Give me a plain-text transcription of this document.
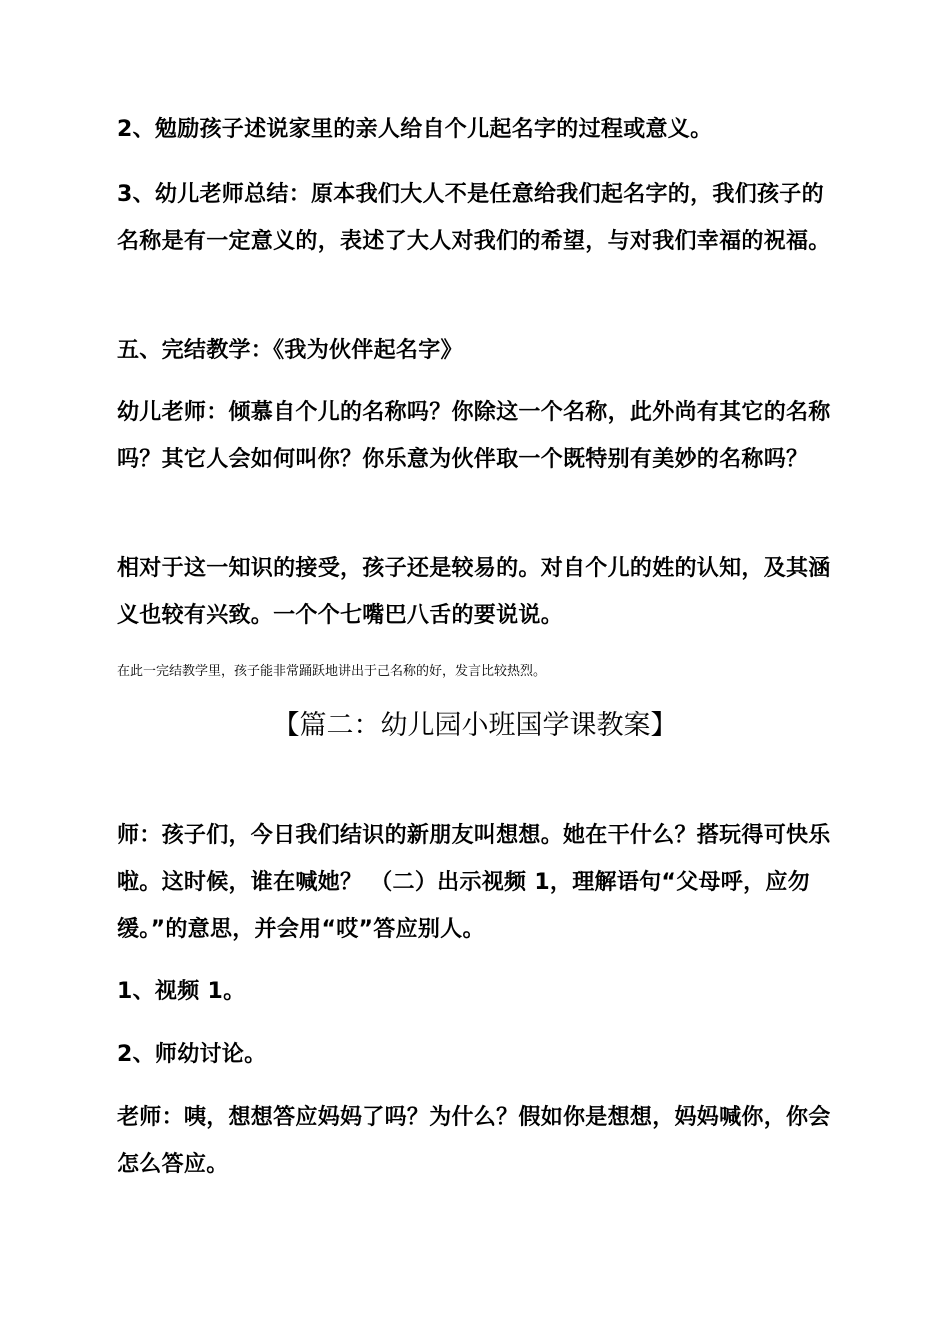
2、勉励孩子述说家里的亲人给自个儿起名字的过程或意义。

3、幼儿老师总结：原本我们大人不是任意给我们起名字的，我们孩子的名称是有一定意义的，表述了大人对我们的希望，与对我们幸福的祝福。

五、完结教学：《我为伙伴起名字》

幼儿老师：倾慕自个儿的名称吗？你除这一个名称，此外尚有其它的名称吗？其它人会如何叫你？你乐意为伙伴取一个既特别有美妙的名称吗？

相对于这一知识的接受，孩子还是较易的。对自个儿的姓的认知，及其涵义也较有兴致。一个个七嘴巴八舌的要说说。

在此一完结教学里，孩子能非常踊跃地讲出于己名称的好，发言比较热烈。

【篇二：幼儿园小班国学课教案】

师：孩子们，今日我们结识的新朋友叫想想。她在干什么？搭玩得可快乐啦。这时候，谁在喊她？ （二）出示视频 1，理解语句“父母呼，应勿缓。”的意思，并会用“哎”答应别人。

1、视频 1。

2、师幼讨论。

老师：咦，想想答应妈妈了吗？为什么？假如你是想想，妈妈喊你，你会怎么答应。
